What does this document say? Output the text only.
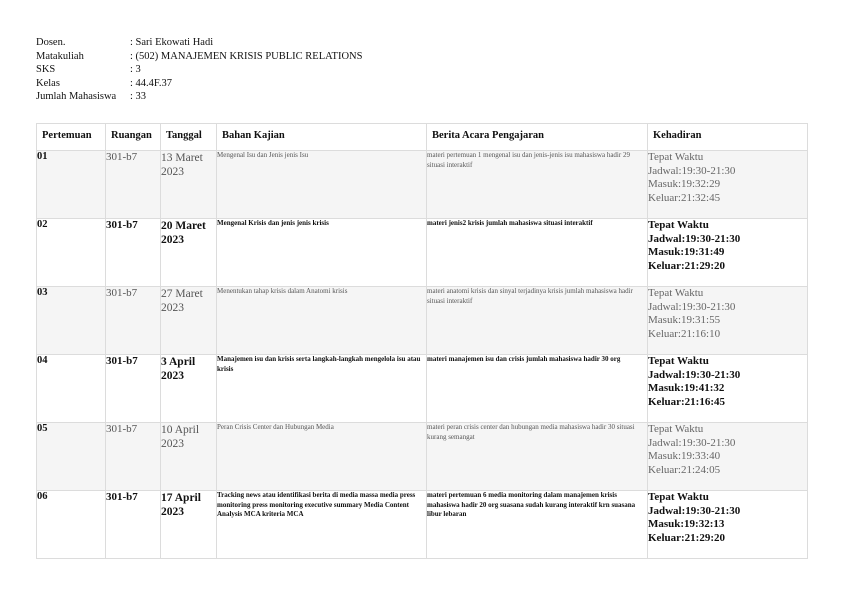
Dosen.	: Sari Ekowati Hadi
Matakuliah	: (502) MANAJEMEN KRISIS PUBLIC RELATIONS
SKS	: 3
Kelas	: 44.4F.37
Jumlah Mahasiswa	: 33
Pertemuan	Ruangan	Tanggal	Bahan Kajian	Berita Acara Pengajaran	Kehadiran
01	301-b7	13 Maret 2023	Mengenal Isu dan Jenis jenis Isu	materi pertemuan 1 mengenal isu dan jenis-jenis isu mahasiswa hadir 29 situasi interaktif	Tepat Waktu
Jadwal:19:30-21:30
Masuk:19:32:29
Keluar:21:32:45

02	301-b7	20 Maret 2023	Mengenal Krisis dan jenis jenis krisis	materi jenis2 krisis jumlah mahasiswa situasi interaktif	Tepat Waktu
Jadwal:19:30-21:30
Masuk:19:31:49
Keluar:21:29:20

03	301-b7	27 Maret 2023	Menentukan tahap krisis dalam Anatomi krisis	materi anatomi krisis dan sinyal terjadinya krisis jumlah mahasiswa hadir situasi interaktif	Tepat Waktu
Jadwal:19:30-21:30
Masuk:19:31:55
Keluar:21:16:10

04	301-b7	3 April 2023	Manajemen isu dan krisis serta langkah-langkah mengelola isu atau krisis	materi manajemen isu dan crisis jumlah mahasiswa hadir 30 org	Tepat Waktu
Jadwal:19:30-21:30
Masuk:19:41:32
Keluar:21:16:45

05	301-b7	10 April 2023	Peran Crisis Center dan Hubungan Media	materi peran crisis center dan hubungan media mahasiswa hadir 30 situasi kurang semangat	Tepat Waktu
Jadwal:19:30-21:30
Masuk:19:33:40
Keluar:21:24:05

06	301-b7	17 April 2023	Tracking news atau identifikasi berita di media massa media press monitoring press monitoring executive summary Media Content Analysis MCA kriteria MCA	materi pertemuan 6 media monitoring dalam manajemen krisis mahasiswa hadir 20 org suasana sudah kurang interaktif krn suasana libur lebaran	Tepat Waktu
Jadwal:19:30-21:30
Masuk:19:32:13
Keluar:21:29:20
